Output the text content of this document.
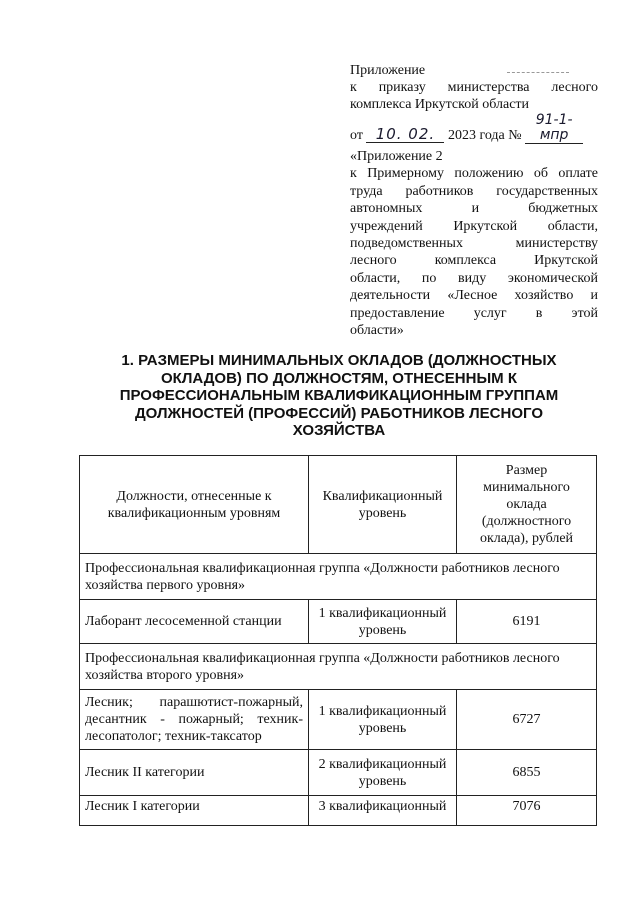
Приложение
к приказу министерства лесного
комплекса Иркутской области
от 10. 02. 2023 года № 91-1-мпр
«Приложение 2
к Примерному положению об оплате
труда работников государственных
автономных и бюджетных
учреждений Иркутской области,
подведомственных министерству
лесного комплекса Иркутской
области, по виду экономической
деятельности «Лесное хозяйство и
предоставление услуг в этой
области»
1. РАЗМЕРЫ МИНИМАЛЬНЫХ ОКЛАДОВ (ДОЛЖНОСТНЫХ
ОКЛАДОВ) ПО ДОЛЖНОСТЯМ, ОТНЕСЕННЫМ К
ПРОФЕССИОНАЛЬНЫМ КВАЛИФИКАЦИОННЫМ ГРУППАМ
ДОЛЖНОСТЕЙ (ПРОФЕССИЙ) РАБОТНИКОВ ЛЕСНОГО
ХОЗЯЙСТВА
Должности, отнесенные к квалификационным уровням	Квалификационный уровень	Размер минимального оклада (должностного оклада), рублей
Профессиональная квалификационная группа «Должности работников лесного хозяйства первого уровня»		
Лаборант лесосеменной станции	1 квалификационный уровень	6191
Профессиональная квалификационная группа «Должности работников лесного хозяйства второго уровня»		
Лесник; парашютист-пожарный, десантник - пожарный; техник-лесопатолог; техник-таксатор	1 квалификационный уровень	6727
Лесник II категории	2 квалификационный уровень	6855
Лесник I категории	3 квалификационный	7076
